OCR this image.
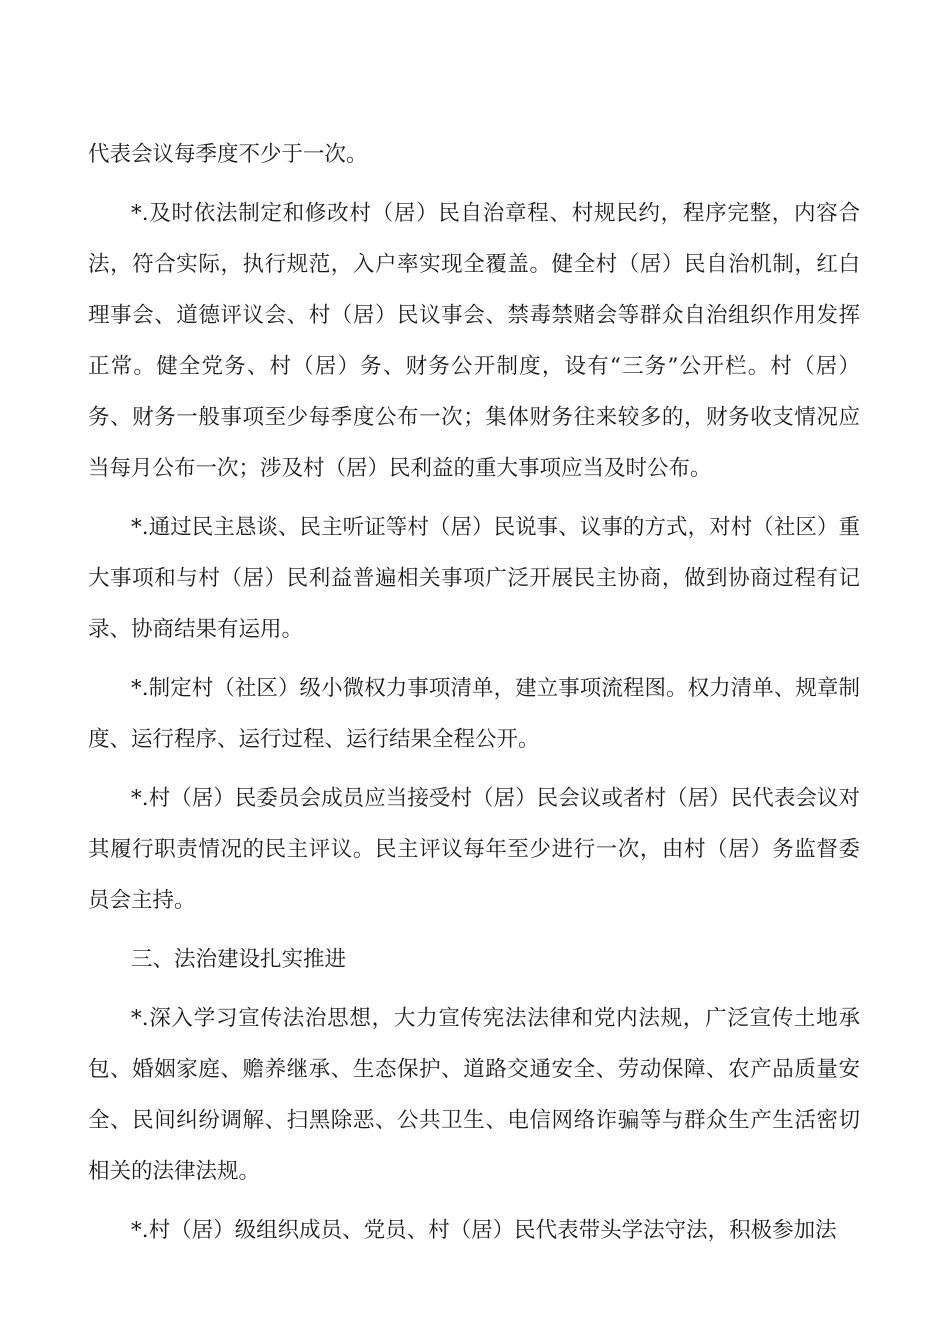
代表会议每季度不少于一次。

*.及时依法制定和修改村（居）民自治章程、村规民约，程序完整，内容合法，符合实际，执行规范，入户率实现全覆盖。健全村（居）民自治机制，红白理事会、道德评议会、村（居）民议事会、禁毒禁赌会等群众自治组织作用发挥正常。健全党务、村（居）务、财务公开制度，设有“三务”公开栏。村（居）务、财务一般事项至少每季度公布一次；集体财务往来较多的，财务收支情况应当每月公布一次；涉及村（居）民利益的重大事项应当及时公布。

*.通过民主恳谈、民主听证等村（居）民说事、议事的方式，对村（社区）重大事项和与村（居）民利益普遍相关事项广泛开展民主协商，做到协商过程有记录、协商结果有运用。

*.制定村（社区）级小微权力事项清单，建立事项流程图。权力清单、规章制度、运行程序、运行过程、运行结果全程公开。

*.村（居）民委员会成员应当接受村（居）民会议或者村（居）民代表会议对其履行职责情况的民主评议。民主评议每年至少进行一次，由村（居）务监督委员会主持。

三、法治建设扎实推进

*.深入学习宣传法治思想，大力宣传宪法法律和党内法规，广泛宣传土地承包、婚姻家庭、赡养继承、生态保护、道路交通安全、劳动保障、农产品质量安全、民间纠纷调解、扫黑除恶、公共卫生、电信网络诈骗等与群众生产生活密切相关的法律法规。

*.村（居）级组织成员、党员、村（居）民代表带头学法守法，积极参加法
